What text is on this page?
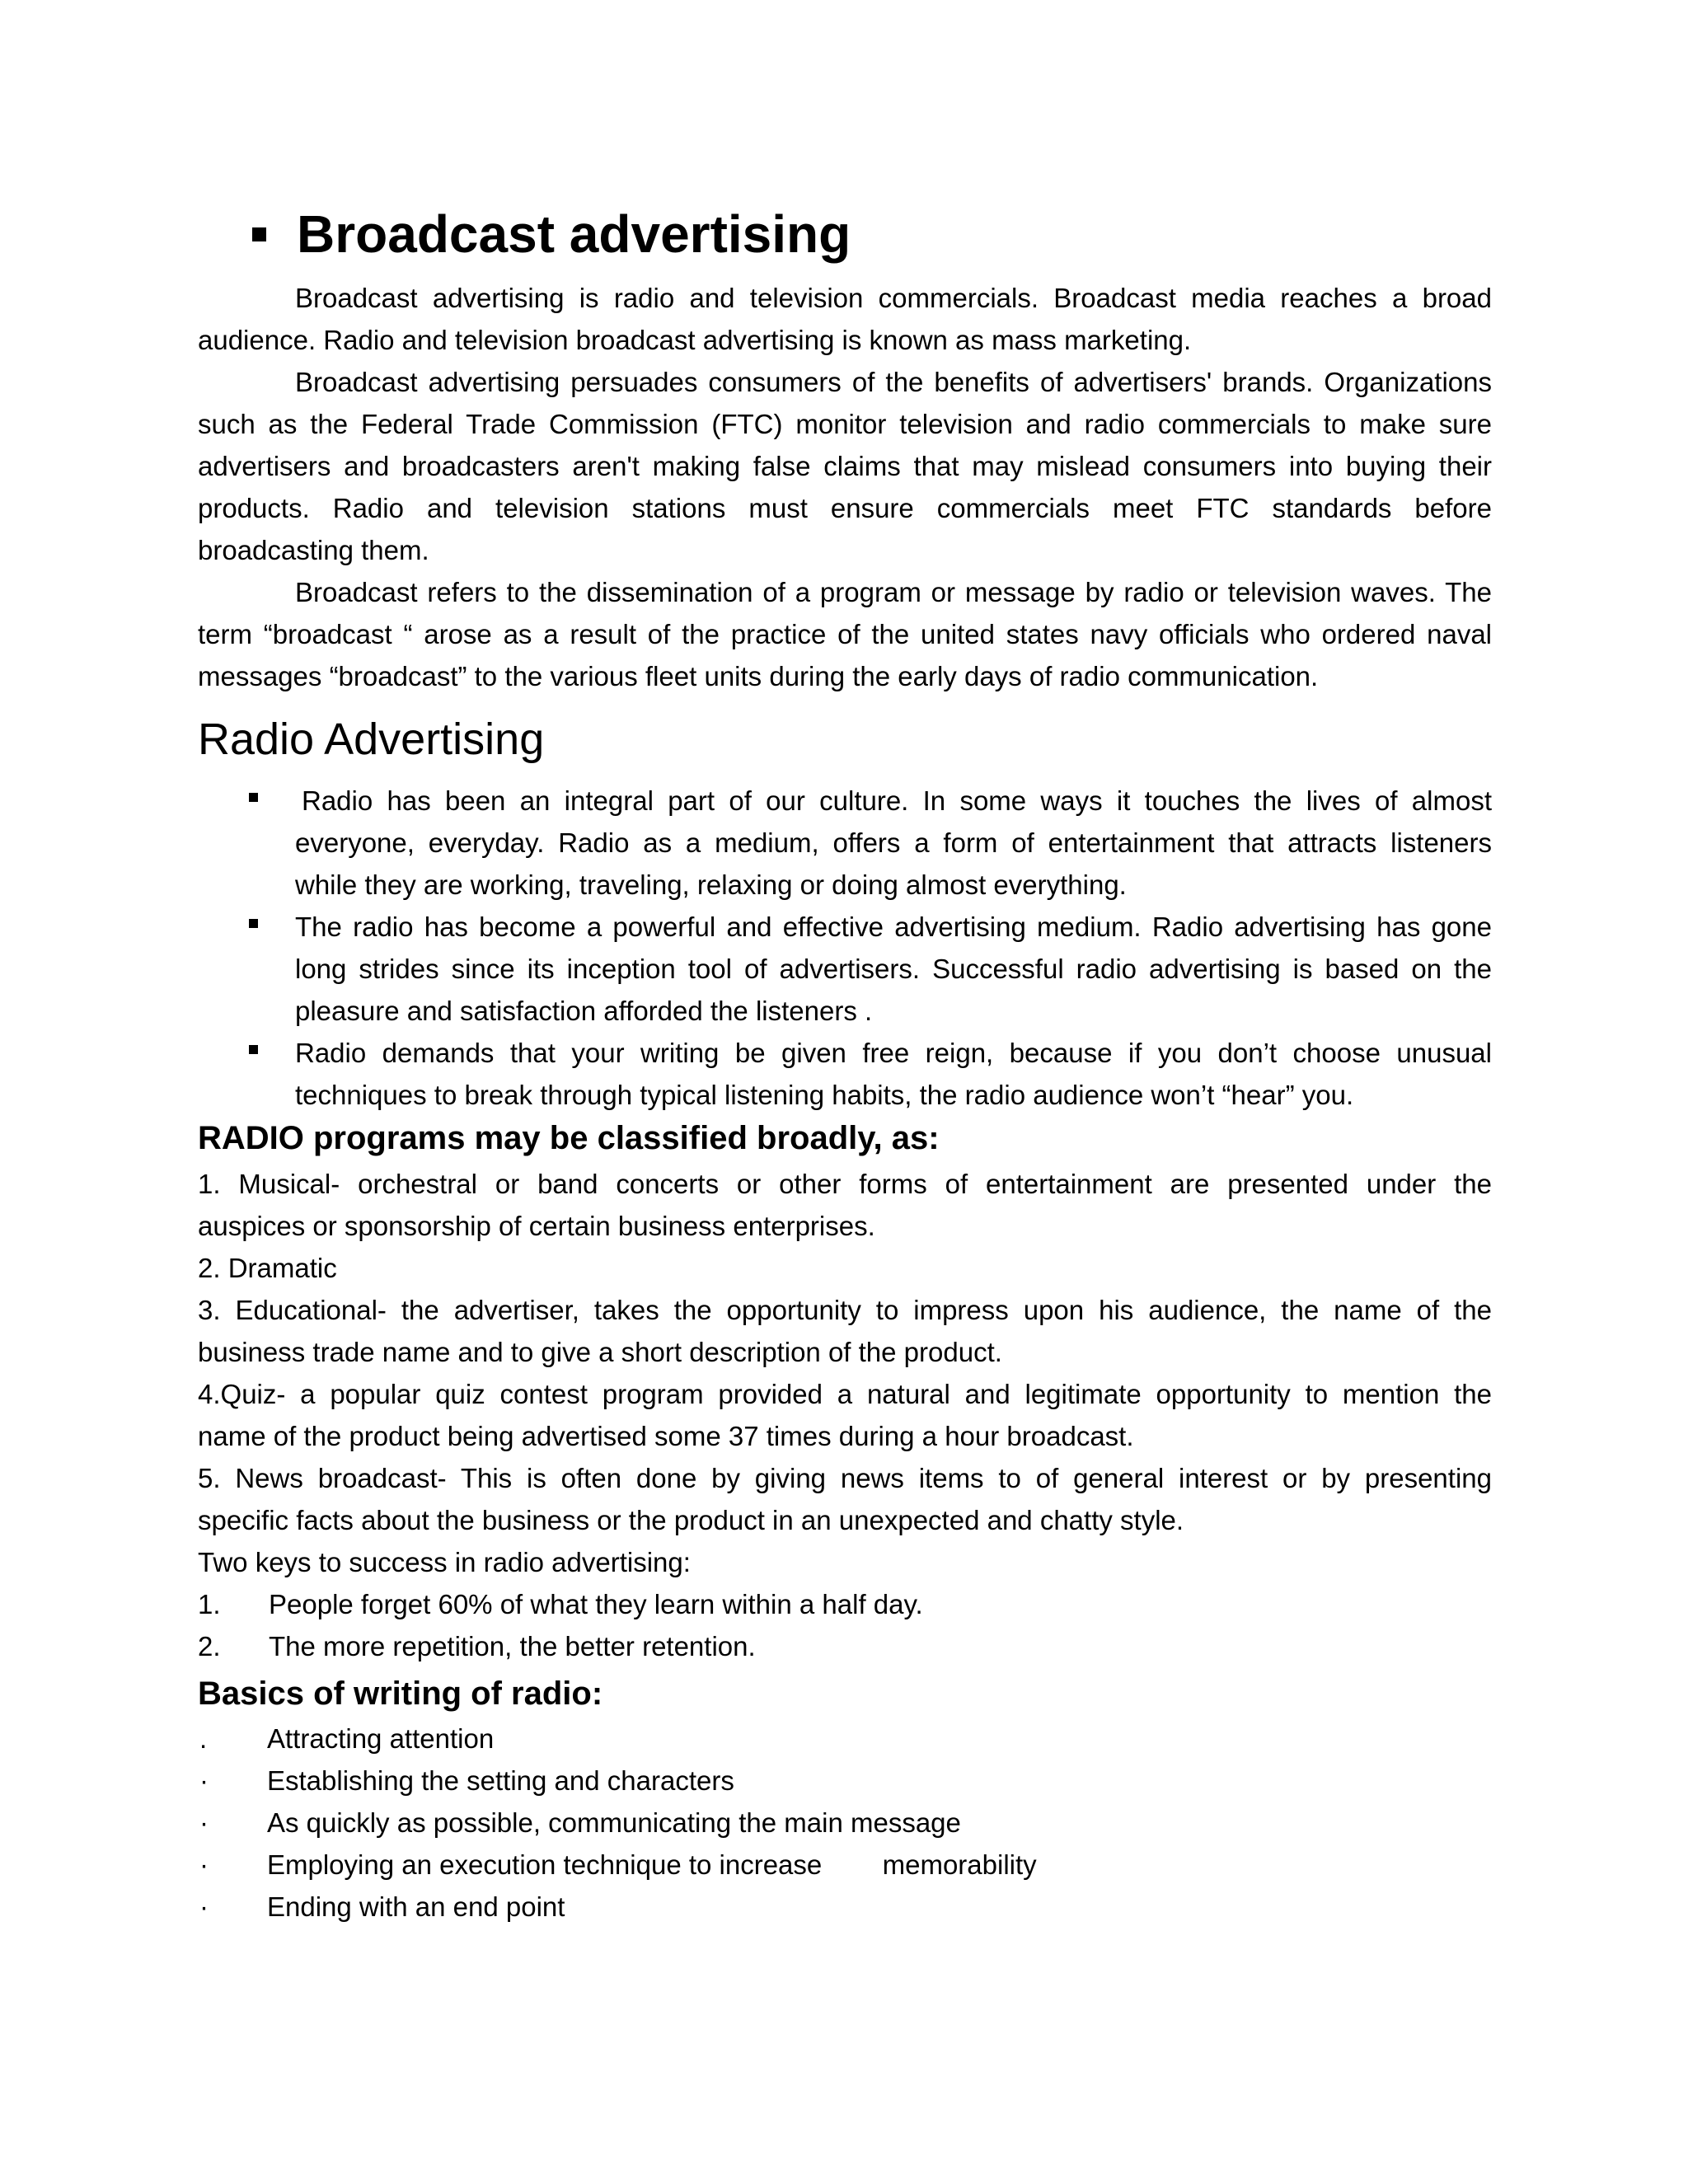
Broadcast advertising
Broadcast advertising is radio and television commercials. Broadcast media reaches a broad
audience. Radio and television broadcast advertising is known as mass marketing.
Broadcast advertising persuades consumers of the benefits of advertisers' brands. Organizations
such as the Federal Trade Commission (FTC) monitor television and radio commercials to make sure
advertisers and broadcasters aren't making false claims that may mislead consumers into buying their
products. Radio and television stations must ensure commercials meet FTC standards before
broadcasting them.
Broadcast refers to the dissemination of a program or message by radio or television waves. The
term “broadcast “ arose as a result of the practice of the united states navy officials who ordered naval
messages “broadcast” to the various fleet units during the early days of radio communication.
Radio Advertising
Radio has been an integral part of our culture. In some ways it touches the lives of almost
everyone, everyday. Radio as a medium, offers a form of entertainment that attracts listeners
while they are working, traveling, relaxing or doing almost everything.
The radio has become a powerful and effective advertising medium. Radio advertising has gone
long strides since its inception tool of advertisers. Successful radio advertising is based on the
pleasure and satisfaction afforded the listeners .
Radio demands that your writing be given free reign, because if you don’t choose unusual
techniques to break through typical listening habits, the radio audience won’t “hear” you.
RADIO programs may be classified broadly, as:
1. Musical- orchestral or band concerts or other forms of entertainment are presented under the
auspices or sponsorship of certain business enterprises.
2. Dramatic
3. Educational- the advertiser, takes the opportunity to impress upon his audience, the name of the
business trade name and to give a short description of the product.
4.Quiz- a popular quiz contest program provided a natural and legitimate opportunity to mention the
name of the product being advertised some 37 times during a hour broadcast.
5. News broadcast- This is often done by giving news items to of general interest or by presenting
specific facts about the business or the product in an unexpected and chatty style.
Two keys to success in radio advertising:
1. People forget 60% of what they learn within a half day.
2. The more repetition, the better retention.
Basics of writing of radio:
. Attracting attention
· Establishing the setting and characters
· As quickly as possible, communicating the main message
· Employing an execution technique to increase        memorability
· Ending with an end point
